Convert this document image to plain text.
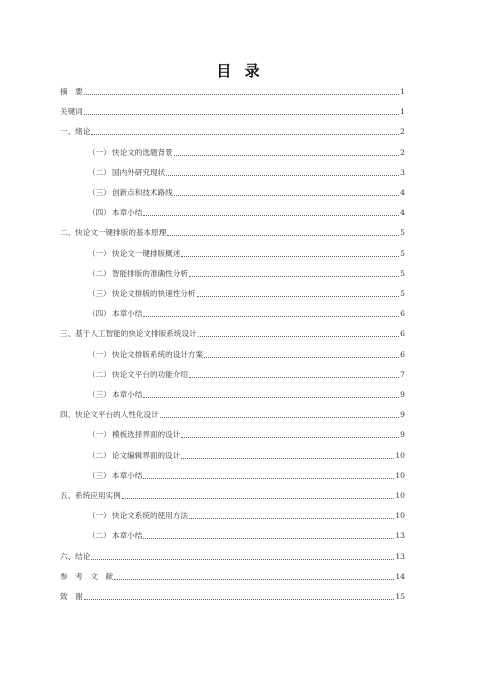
目 录
摘　要	1
关键词	1
一、绪论	2
（一）快论文的选题背景	2
（二）国内外研究现状	3
（三）创新点和技术路线	4
（四）本章小结	4
二、快论文一键排版的基本原理	5
（一）快论文一键排版概述	5
（二）智能排版的准确性分析	5
（三）快论文排版的快速性分析	5
（四）本章小结	6
三、基于人工智能的快论文排版系统设计	6
（一）快论文排版系统的设计方案	6
（二）快论文平台的功能介绍	7
（三）本章小结	9
四、快论文平台的人性化设计	9
（一）模板选择界面的设计	9
（二）论文编辑界面的设计	10
（三）本章小结	10
五、系统应用实例	10
（一）快论文系统的使用方法	10
（二）本章小结	13
六、结论	13
参　考　文　献	14
致　谢	15
